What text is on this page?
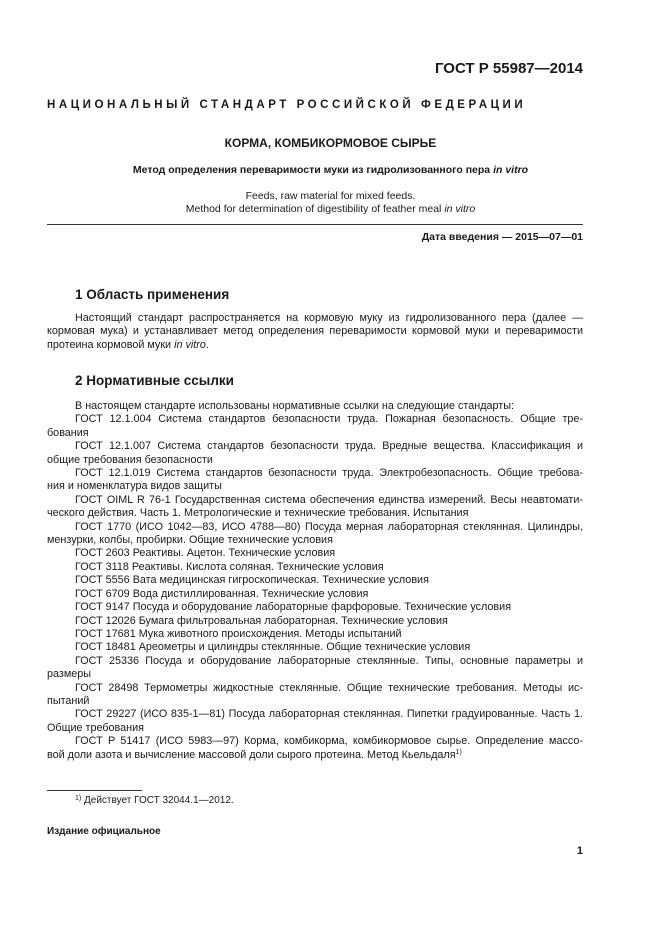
ГОСТ Р 55987—2014
НАЦИОНАЛЬНЫЙ СТАНДАРТ РОССИЙСКОЙ ФЕДЕРАЦИИ
КОРМА, КОМБИКОРМОВОЕ СЫРЬЕ
Метод определения переваримости муки из гидролизованного пера in vitro
Feeds, raw material for mixed feeds.
Method for determination of digestibility of feather meal in vitro
Дата введения — 2015—07—01
1 Область применения
Настоящий стандарт распространяется на кормовую муку из гидролизованного пера (далее —
кормовая мука) и устанавливает метод определения переваримости кормовой муки и переваримости
протеина кормовой муки in vitro.
2 Нормативные ссылки
В настоящем стандарте использованы нормативные ссылки на следующие стандарты:
ГОСТ 12.1.004 Система стандартов безопасности труда. Пожарная безопасность. Общие тре-
бования
ГОСТ 12.1.007 Система стандартов безопасности труда. Вредные вещества. Классификация и
общие требования безопасности
ГОСТ 12.1.019 Система стандартов безопасности труда. Электробезопасность. Общие требова-
ния и номенклатура видов защиты
ГОСТ OIML R 76-1 Государственная система обеспечения единства измерений. Весы неавтомати-
ческого действия. Часть 1. Метрологические и технические требования. Испытания
ГОСТ 1770 (ИСО 1042—83, ИСО 4788—80) Посуда мерная лабораторная стеклянная. Цилиндры,
мензурки, колбы, пробирки. Общие технические условия
ГОСТ 2603 Реактивы. Ацетон. Технические условия
ГОСТ 3118 Реактивы. Кислота соляная. Технические условия
ГОСТ 5556 Вата медицинская гигроскопическая. Технические условия
ГОСТ 6709 Вода дистиллированная. Технические условия
ГОСТ 9147 Посуда и оборудование лабораторные фарфоровые. Технические условия
ГОСТ 12026 Бумага фильтровальная лабораторная. Технические условия
ГОСТ 17681 Мука животного происхождения. Методы испытаний
ГОСТ 18481 Ареометры и цилиндры стеклянные. Общие технические условия
ГОСТ 25336 Посуда и оборудование лабораторные стеклянные. Типы, основные параметры и
размеры
ГОСТ 28498 Термометры жидкостные стеклянные. Общие технические требования. Методы ис-
пытаний
ГОСТ 29227 (ИСО 835-1—81) Посуда лабораторная стеклянная. Пипетки градуированные. Часть 1.
Общие требования
ГОСТ Р 51417 (ИСО 5983—97) Корма, комбикорма, комбикормовое сырье. Определение массо-
вой доли азота и вычисление массовой доли сырого протеина. Метод Кьельдаля$^{1)}$
$^{1)}$ Действует ГОСТ 32044.1—2012.
Издание официальное
1
